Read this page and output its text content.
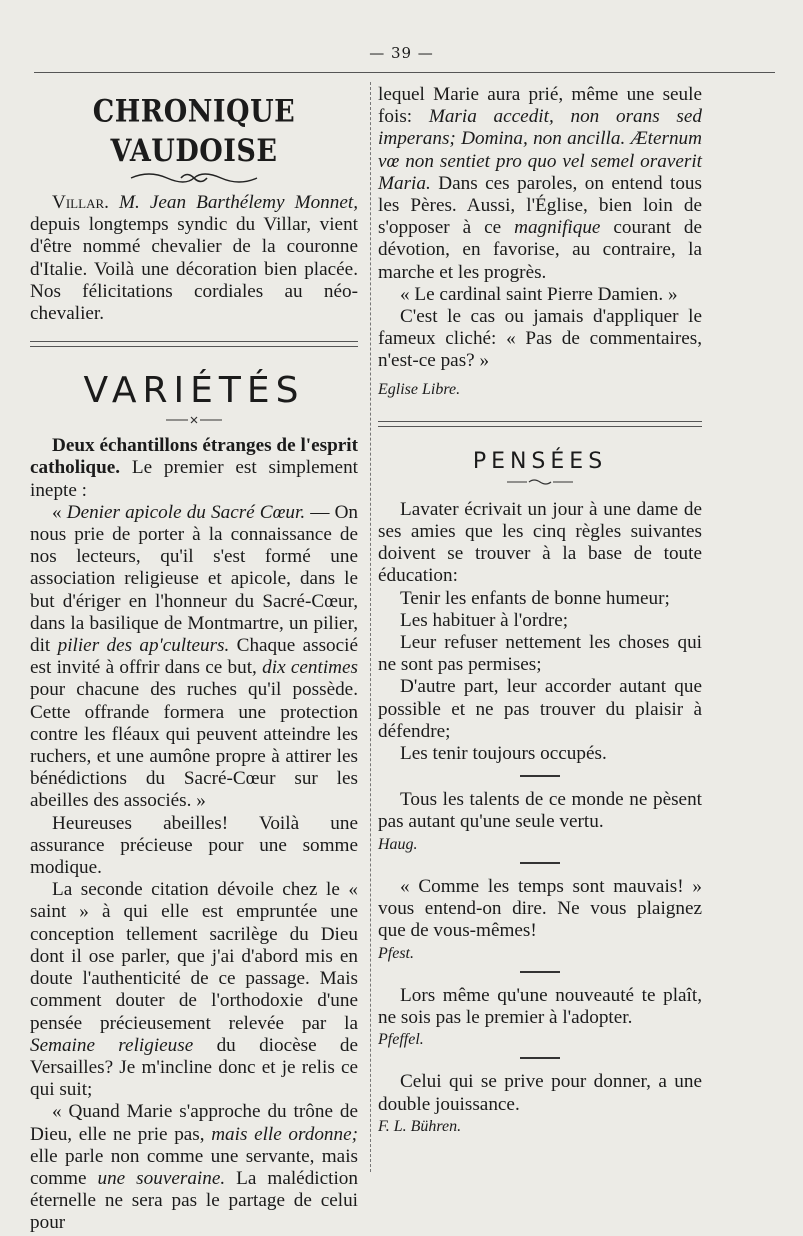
— 39 —
CHRONIQUE VAUDOISE

Villar. M. Jean Barthélemy Monnet, depuis longtemps syndic du Villar, vient d'être nommé chevalier de la couronne d'Italie. Voilà une décoration bien placée. Nos félicitations cordiales au néo-chevalier.

VARIÉTÉS

Deux échantillons étranges de l'esprit catholique. Le premier est simplement inepte :

« Denier apicole du Sacré Cœur. — On nous prie de porter à la connaissance de nos lecteurs, qu'il s'est formé une association religieuse et apicole, dans le but d'ériger en l'honneur du Sacré-Cœur, dans la basilique de Montmartre, un pilier, dit pilier des ap'culteurs. Chaque associé est invité à offrir dans ce but, dix centimes pour chacune des ruches qu'il possède. Cette offrande formera une protection contre les fléaux qui peuvent atteindre les ruchers, et une aumône propre à attirer les bénédictions du Sacré-Cœur sur les abeilles des associés. »

Heureuses abeilles! Voilà une assurance précieuse pour une somme modique.

La seconde citation dévoile chez le « saint » à qui elle est empruntée une conception tellement sacrilège du Dieu dont il ose parler, que j'ai d'abord mis en doute l'authenticité de ce passage. Mais comment douter de l'orthodoxie d'une pensée précieusement relevée par la Semaine religieuse du diocèse de Versailles? Je m'incline donc et je relis ce qui suit;

« Quand Marie s'approche du trône de Dieu, elle ne prie pas, mais elle ordonne; elle parle non comme une servante, mais comme une souveraine. La malédiction éternelle ne sera pas le partage de celui pour

lequel Marie aura prié, même une seule fois: Maria accedit, non orans sed imperans; Domina, non ancilla. Æternum vœ non sentiet pro quo vel semel oraverit Maria. Dans ces paroles, on entend tous les Pères. Aussi, l'Église, bien loin de s'opposer à ce magnifique courant de dévotion, en favorise, au contraire, la marche et les progrès.

« Le cardinal saint Pierre Damien. »

C'est le cas ou jamais d'appliquer le fameux cliché: « Pas de commentaires, n'est-ce pas? »

Eglise Libre.

PENSÉES

Lavater écrivait un jour à une dame de ses amies que les cinq règles suivantes doivent se trouver à la base de toute éducation:

Tenir les enfants de bonne humeur;

Les habituer à l'ordre;

Leur refuser nettement les choses qui ne sont pas permises;

D'autre part, leur accorder autant que possible et ne pas trouver du plaisir à défendre;

Les tenir toujours occupés.

Tous les talents de ce monde ne pèsent pas autant qu'une seule vertu.

Haug.

« Comme les temps sont mauvais! » vous entend-on dire. Ne vous plaignez que de vous-mêmes!

Pfest.

Lors même qu'une nouveauté te plaît, ne sois pas le premier à l'adopter.

Pfeffel.

Celui qui se prive pour donner, a une double jouissance.

F. L. Bühren.
